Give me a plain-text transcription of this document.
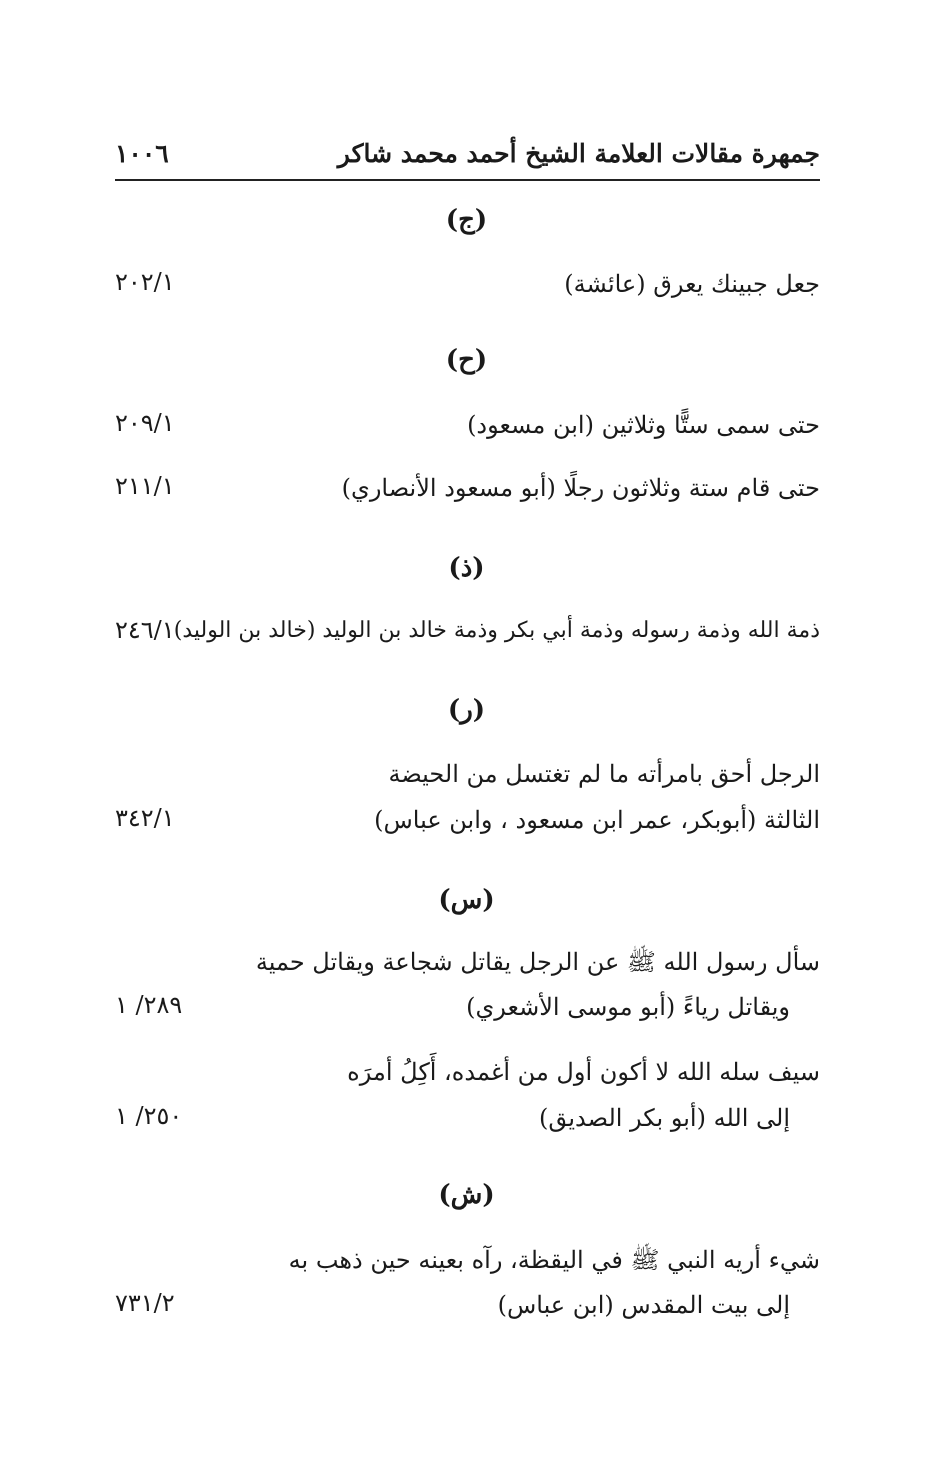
١٠٠٦	جمهرة مقالات العلامة الشيخ أحمد محمد شاكر
(ج)
جعل جبينك يعرق (عائشة)
٢٠٢/١
(ح)
حتى سمى ستًّا وثلاثين (ابن مسعود)
٢٠٩/١
حتى قام ستة وثلاثون رجلًا (أبو مسعود الأنصاري)
٢١١/١
(ذ)
ذمة الله وذمة رسوله وذمة أبي بكر وذمة خالد بن الوليد (خالد بن الوليد)
٢٤٦/١
(ر)
الرجل أحق بامرأته ما لم تغتسل من الحيضة
الثالثة (أبوبكر، عمر ابن مسعود ، وابن عباس)
٣٤٢/١
(س)
سأل رسول الله ﷺ عن الرجل يقاتل شجاعة ويقاتل حمية
ويقاتل رياءً (أبو موسى الأشعري)
٢٨٩/ ١
سيف سله الله لا أكون أول من أغمده، أَكِلُ أمرَه
إلى الله (أبو بكر الصديق)
٢٥٠/ ١
(ش)
شيء أريه النبي ﷺ في اليقظة، رآه بعينه حين ذهب به
إلى بيت المقدس (ابن عباس)
٧٣١/٢
